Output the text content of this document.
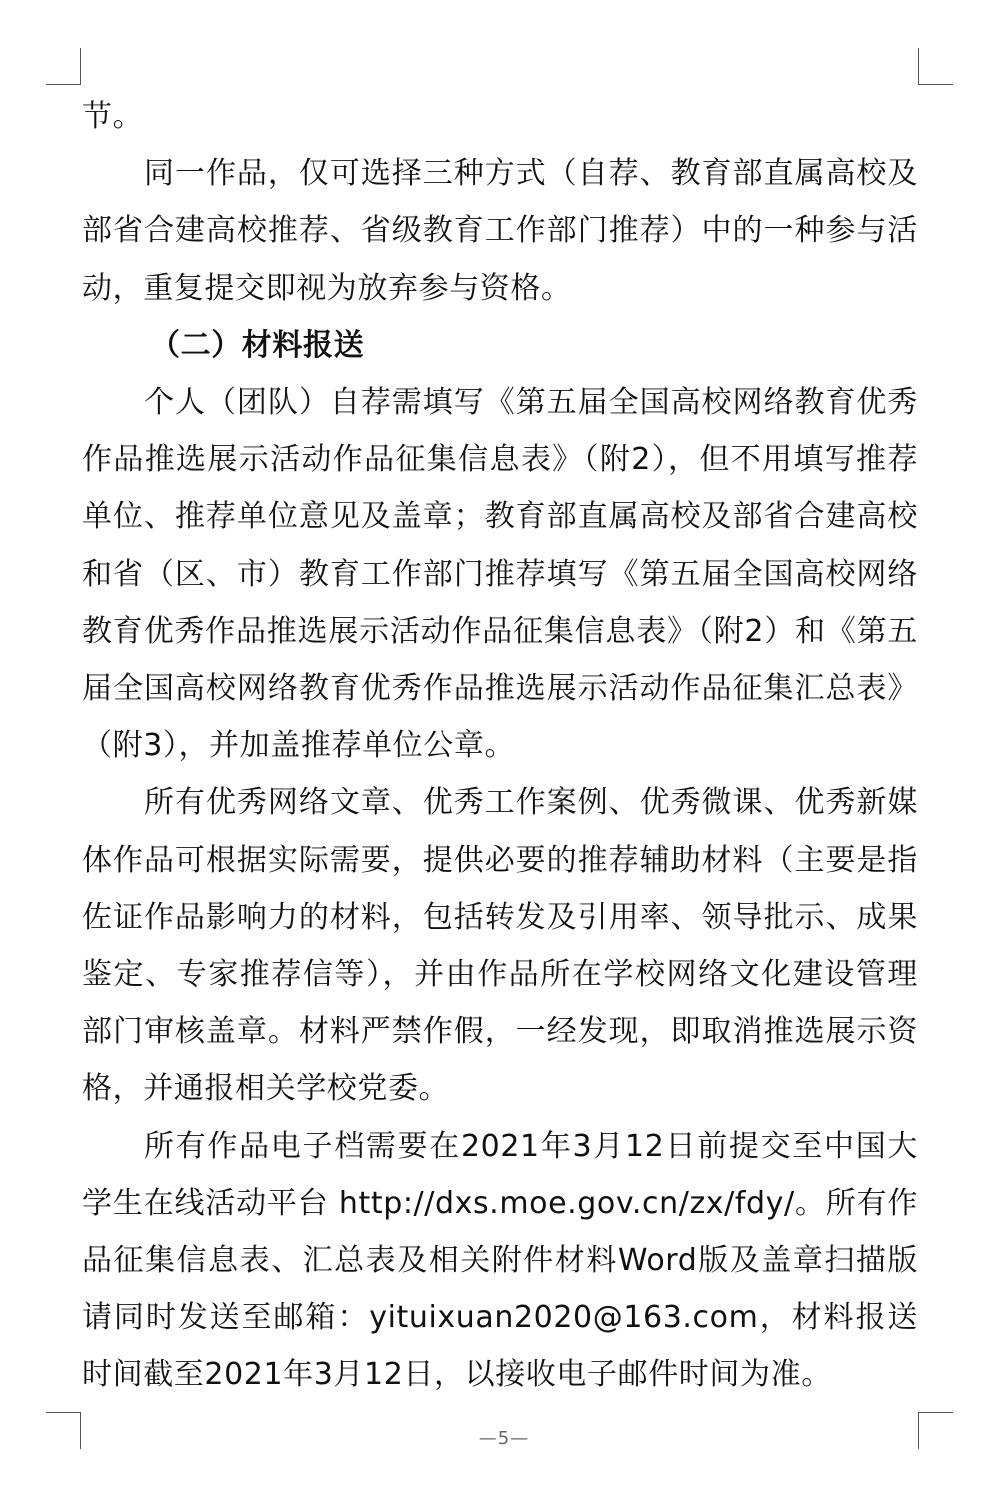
节。

同一作品，仅可选择三种方式（自荐、教育部直属高校及部省合建高校推荐、省级教育工作部门推荐）中的一种参与活动，重复提交即视为放弃参与资格。

（二）材料报送

个人（团队）自荐需填写《第五届全国高校网络教育优秀作品推选展示活动作品征集信息表》（附2），但不用填写推荐单位、推荐单位意见及盖章；教育部直属高校及部省合建高校和省（区、市）教育工作部门推荐填写《第五届全国高校网络教育优秀作品推选展示活动作品征集信息表》（附2）和《第五届全国高校网络教育优秀作品推选展示活动作品征集汇总表》（附3），并加盖推荐单位公章。

所有优秀网络文章、优秀工作案例、优秀微课、优秀新媒体作品可根据实际需要，提供必要的推荐辅助材料（主要是指佐证作品影响力的材料，包括转发及引用率、领导批示、成果鉴定、专家推荐信等），并由作品所在学校网络文化建设管理部门审核盖章。材料严禁作假，一经发现，即取消推选展示资格，并通报相关学校党委。

所有作品电子档需要在2021年3月12日前提交至中国大学生在线活动平台 http://dxs.moe.gov.cn/zx/fdy/。所有作品征集信息表、汇总表及相关附件材料Word版及盖章扫描版请同时发送至邮箱：yituixuan2020@163.com，材料报送时间截至2021年3月12日，以接收电子邮件时间为准。

—5—
